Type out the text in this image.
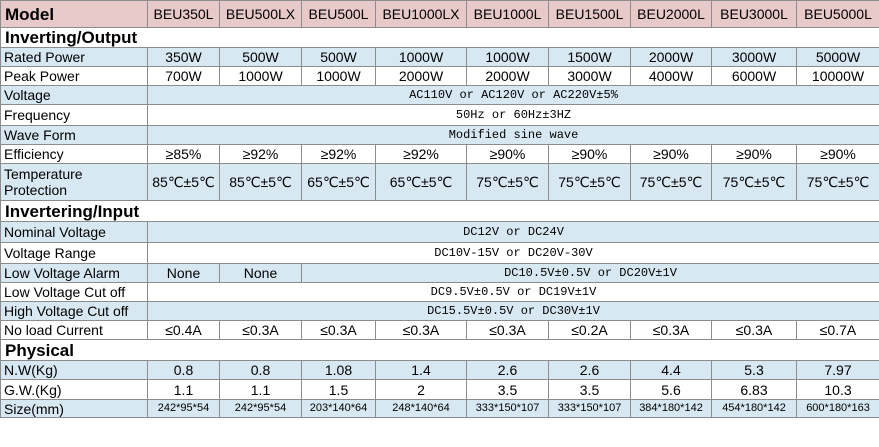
Model	BEU350L	BEU500LX	BEU500L	BEU1000LX	BEU1000L	BEU1500L	BEU2000L	BEU3000L	BEU5000L
Inverting/Output									
Rated Power	350W	500W	500W	1000W	1000W	1500W	2000W	3000W	5000W
Peak Power	700W	1000W	1000W	2000W	2000W	3000W	4000W	6000W	10000W
Voltage	AC110V or AC120V or AC220V±5%								
Frequency	50Hz or 60Hz±3HZ								
Wave Form	Modified sine wave								
Efficiency	≥85%	≥92%	≥92%	≥92%	≥90%	≥90%	≥90%	≥90%	≥90%
Temperature Protection	85℃±5℃	85℃±5℃	65℃±5℃	65℃±5℃	75℃±5℃	75℃±5℃	75℃±5℃	75℃±5℃	75℃±5℃
Invertering/Input									
Nominal Voltage	DC12V or DC24V								
Voltage Range	DC10V-15V or DC20V-30V								
Low Voltage Alarm	None	None	DC10.5V±0.5V or DC20V±1V						
Low Voltage Cut off	DC9.5V±0.5V or DC19V±1V								
High Voltage Cut off	DC15.5V±0.5V or DC30V±1V								
No load Current	≤0.4A	≤0.3A	≤0.3A	≤0.3A	≤0.3A	≤0.2A	≤0.3A	≤0.3A	≤0.7A
Physical									
N.W(Kg)	0.8	0.8	1.08	1.4	2.6	2.6	4.4	5.3	7.97
G.W.(Kg)	1.1	1.1	1.5	2	3.5	3.5	5.6	6.83	10.3
Size(mm)	242*95*54	242*95*54	203*140*64	248*140*64	333*150*107	333*150*107	384*180*142	454*180*142	600*180*163
